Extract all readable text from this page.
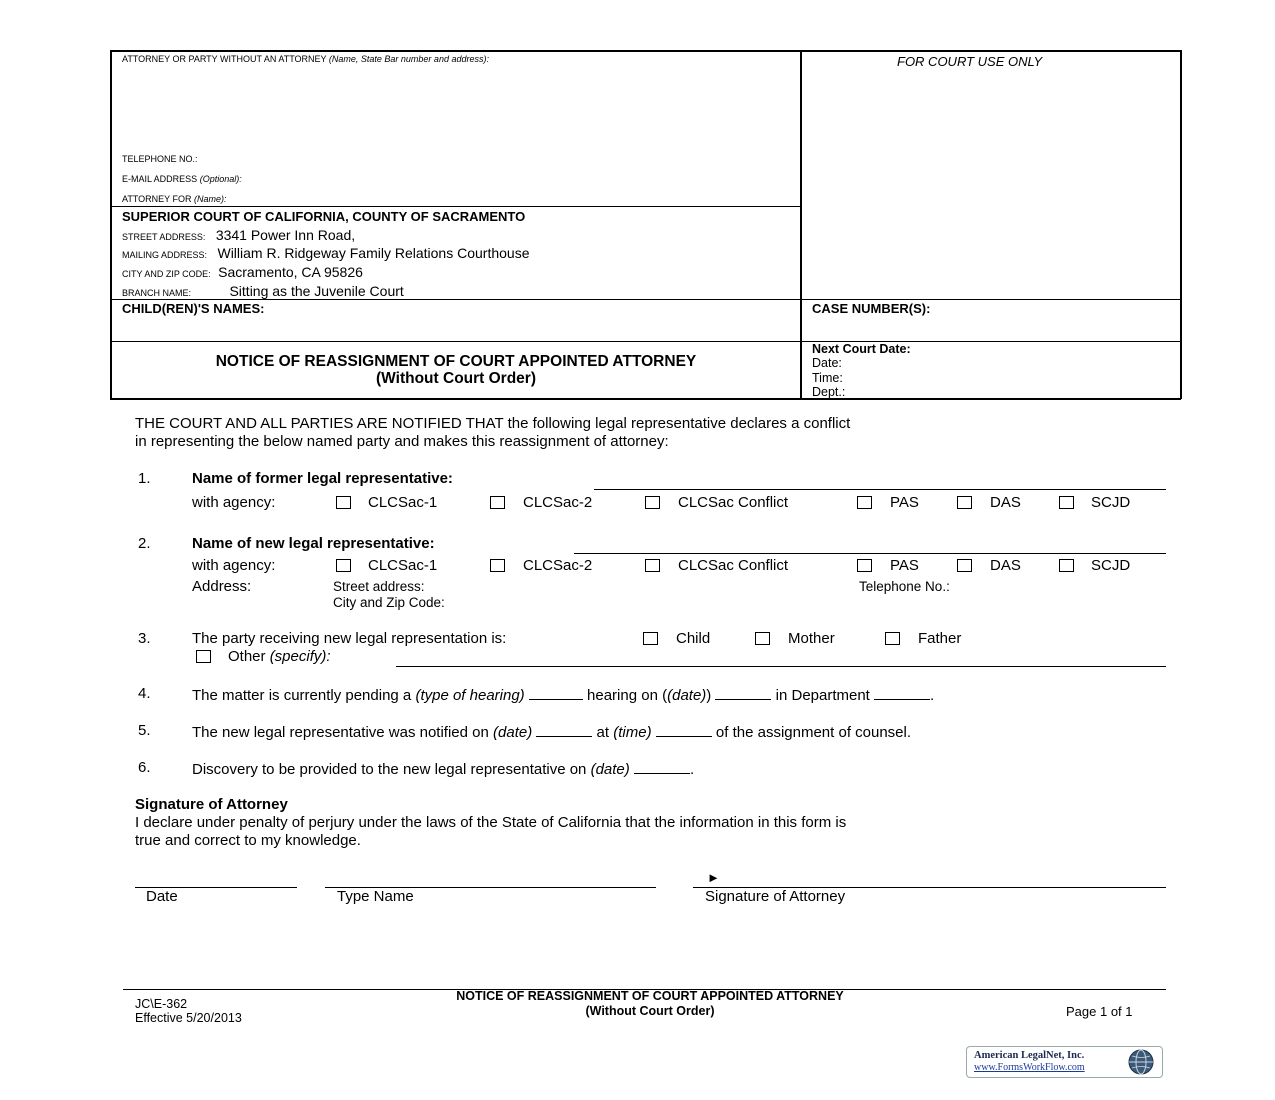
ATTORNEY OR PARTY WITHOUT AN ATTORNEY (Name, State Bar number and address):
TELEPHONE NO.:
E-MAIL ADDRESS (Optional):
ATTORNEY FOR (Name):
FOR COURT USE ONLY
SUPERIOR COURT OF CALIFORNIA, COUNTY OF SACRAMENTO
STREET ADDRESS: 3341 Power Inn Road,
MAILING ADDRESS: William R. Ridgeway Family Relations Courthouse
CITY AND ZIP CODE: Sacramento, CA 95826
BRANCH NAME:	Sitting as the Juvenile Court
CHILD(REN)'S NAMES:	CASE NUMBER(S):
NOTICE OF REASSIGNMENT OF COURT APPOINTED ATTORNEY
(Without Court Order)
Next Court Date:
Date:
Time:
Dept.:
THE COURT AND ALL PARTIES ARE NOTIFIED THAT the following legal representative declares a conflict
in representing the below named party and makes this reassignment of attorney:
1.	Name of former legal representative:
with agency:	CLCSac-1	CLCSac-2	CLCSac Conflict	PAS	DAS	SCJD
2.	Name of new legal representative:
with agency:	CLCSac-1	CLCSac-2	CLCSac Conflict	PAS	DAS	SCJD
Address:	Street address:	Telephone No.:
City and Zip Code:
3.	The party receiving new legal representation is:	Child	Mother	Father
Other (specify):
4.	The matter is currently pending a (type of hearing)	hearing on ((date))	in Department	.
5.	The new legal representative was notified on (date)	at (time)	of the assignment of counsel.
6.	Discovery to be provided to the new legal representative on (date)	.
Signature of Attorney
I declare under penalty of perjury under the laws of the State of California that the information in this form is
true and correct to my knowledge.
►
Date	Type Name	Signature of Attorney
JC\E-362
Effective 5/20/2013
NOTICE OF REASSIGNMENT OF COURT APPOINTED ATTORNEY
(Without Court Order)	Page 1 of 1
American LegalNet, Inc.
www.FormsWorkFlow.com
